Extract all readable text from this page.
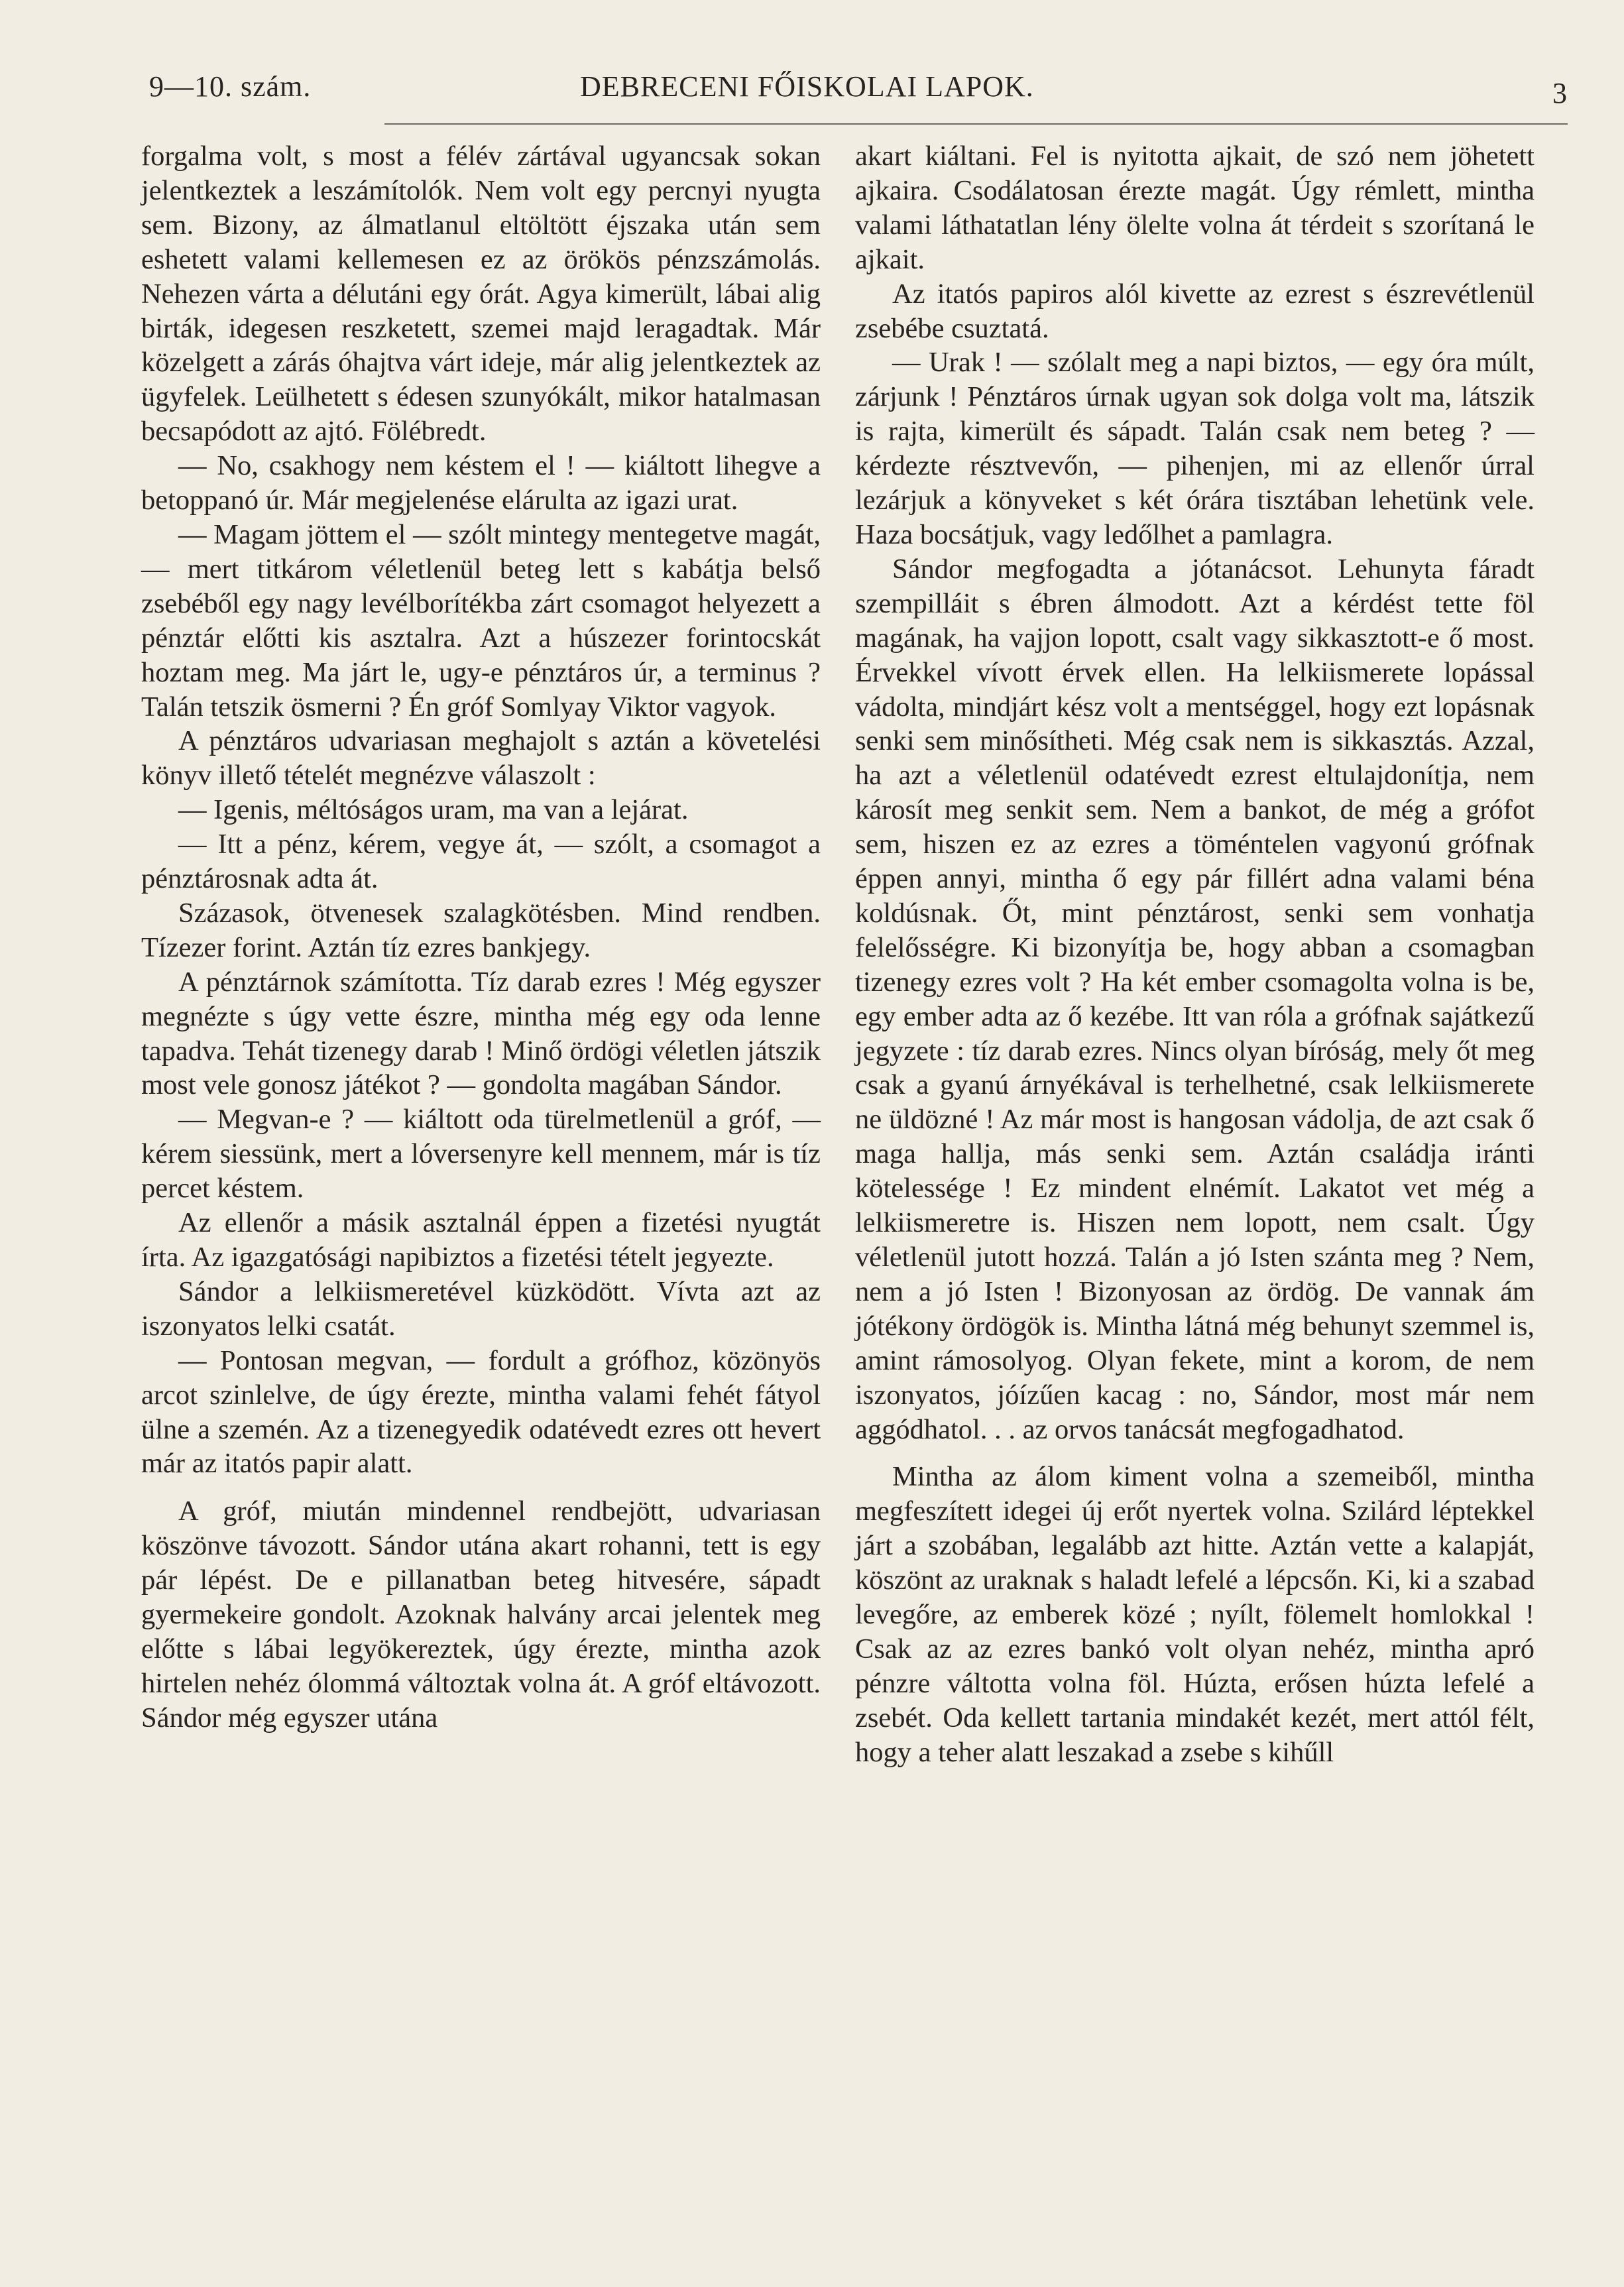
9—10. szám.	DEBRECENI FŐISKOLAI LAPOK.	3

forgalma volt, s most a félév zártával ugyancsak sokan jelentkeztek a leszámítolók. Nem volt egy percnyi nyugta sem. Bizony, az álmatlanul eltöltött éjszaka után sem eshetett valami kellemesen ez az örökös pénzszámolás. Nehezen várta a délutáni egy órát. Agya kimerült, lábai alig birták, idegesen reszketett, szemei majd leragadtak. Már közelgett a zárás óhajtva várt ideje, már alig jelentkeztek az ügyfelek. Leülhetett s édesen szunyókált, mikor hatalmasan becsapódott az ajtó. Fölébredt.

— No, csakhogy nem késtem el ! — kiáltott lihegve a betoppanó úr. Már megjelenése elárulta az igazi urat.

— Magam jöttem el — szólt mintegy mentegetve magát, — mert titkárom véletlenül beteg lett s kabátja belső zsebéből egy nagy levélborítékba zárt csomagot helyezett a pénztár előtti kis asztalra. Azt a húszezer forintocskát hoztam meg. Ma járt le, ugy-e pénztáros úr, a terminus ? Talán tetszik ösmerni ? Én gróf Somlyay Viktor vagyok.

A pénztáros udvariasan meghajolt s aztán a követelési könyv illető tételét megnézve válaszolt :

— Igenis, méltóságos uram, ma van a lejárat.

— Itt a pénz, kérem, vegye át, — szólt, a csomagot a pénztárosnak adta át.

Százasok, ötvenesek szalagkötésben. Mind rendben. Tízezer forint. Aztán tíz ezres bankjegy.

A pénztárnok számította. Tíz darab ezres ! Még egyszer megnézte s úgy vette észre, mintha még egy oda lenne tapadva. Tehát tizenegy darab ! Minő ördögi véletlen játszik most vele gonosz játékot ? — gondolta magában Sándor.

— Megvan-e ? — kiáltott oda türelmetlenül a gróf, — kérem siessünk, mert a lóversenyre kell mennem, már is tíz percet késtem.

Az ellenőr a másik asztalnál éppen a fizetési nyugtát írta. Az igazgatósági napibiztos a fizetési tételt jegyezte.

Sándor a lelkiismeretével küzködött. Vívta azt az iszonyatos lelki csatát.

— Pontosan megvan, — fordult a grófhoz, közönyös arcot szinlelve, de úgy érezte, mintha valami fehét fátyol ülne a szemén. Az a tizenegyedik odatévedt ezres ott hevert már az itatós papir alatt.

A gróf, miután mindennel rendbejött, udvariasan köszönve távozott. Sándor utána akart rohanni, tett is egy pár lépést. De e pillanatban beteg hitvesére, sápadt gyermekeire gondolt. Azoknak halvány arcai jelentek meg előtte s lábai legyökereztek, úgy érezte, mintha azok hirtelen nehéz ólommá változtak volna át. A gróf eltávozott. Sándor még egyszer utána

akart kiáltani. Fel is nyitotta ajkait, de szó nem jöhetett ajkaira. Csodálatosan érezte magát. Úgy rémlett, mintha valami láthatatlan lény ölelte volna át térdeit s szorítaná le ajkait.

Az itatós papiros alól kivette az ezrest s észrevétlenül zsebébe csuztatá.

— Urak ! — szólalt meg a napi biztos, — egy óra múlt, zárjunk ! Pénztáros úrnak ugyan sok dolga volt ma, látszik is rajta, kimerült és sápadt. Talán csak nem beteg ? — kérdezte résztvevőn, — pihenjen, mi az ellenőr úrral lezárjuk a könyveket s két órára tisztában lehetünk vele. Haza bocsátjuk, vagy ledőlhet a pamlagra.

Sándor megfogadta a jótanácsot. Lehunyta fáradt szempilláit s ébren álmodott. Azt a kérdést tette föl magának, ha vajjon lopott, csalt vagy sikkasztott-e ő most. Érvekkel vívott érvek ellen. Ha lelkiismerete lopással vádolta, mindjárt kész volt a mentséggel, hogy ezt lopásnak senki sem minősítheti. Még csak nem is sikkasztás. Azzal, ha azt a véletlenül odatévedt ezrest eltulajdonítja, nem károsít meg senkit sem. Nem a bankot, de még a grófot sem, hiszen ez az ezres a töméntelen vagyonú grófnak éppen annyi, mintha ő egy pár fillért adna valami béna koldúsnak. Őt, mint pénztárost, senki sem vonhatja felelősségre. Ki bizonyítja be, hogy abban a csomagban tizenegy ezres volt ? Ha két ember csomagolta volna is be, egy ember adta az ő kezébe. Itt van róla a grófnak sajátkezű jegyzete : tíz darab ezres. Nincs olyan bíróság, mely őt meg csak a gyanú árnyékával is terhelhetné, csak lelkiismerete ne üldözné ! Az már most is hangosan vádolja, de azt csak ő maga hallja, más senki sem. Aztán családja iránti kötelessége ! Ez mindent elnémít. Lakatot vet még a lelkiismeretre is. Hiszen nem lopott, nem csalt. Úgy véletlenül jutott hozzá. Talán a jó Isten szánta meg ? Nem, nem a jó Isten ! Bizonyosan az ördög. De vannak ám jótékony ördögök is. Mintha látná még behunyt szemmel is, amint rámosolyog. Olyan fekete, mint a korom, de nem iszonyatos, jóízűen kacag : no, Sándor, most már nem aggódhatol. . . az orvos tanácsát megfogadhatod.

Mintha az álom kiment volna a szemeiből, mintha megfeszített idegei új erőt nyertek volna. Szilárd léptekkel járt a szobában, legalább azt hitte. Aztán vette a kalapját, köszönt az uraknak s haladt lefelé a lépcsőn. Ki, ki a szabad levegőre, az emberek közé ; nyílt, fölemelt homlokkal ! Csak az az ezres bankó volt olyan nehéz, mintha apró pénzre váltotta volna föl. Húzta, erősen húzta lefelé a zsebét. Oda kellett tartania mindakét kezét, mert attól félt, hogy a teher alatt leszakad a zsebe s kihűll
